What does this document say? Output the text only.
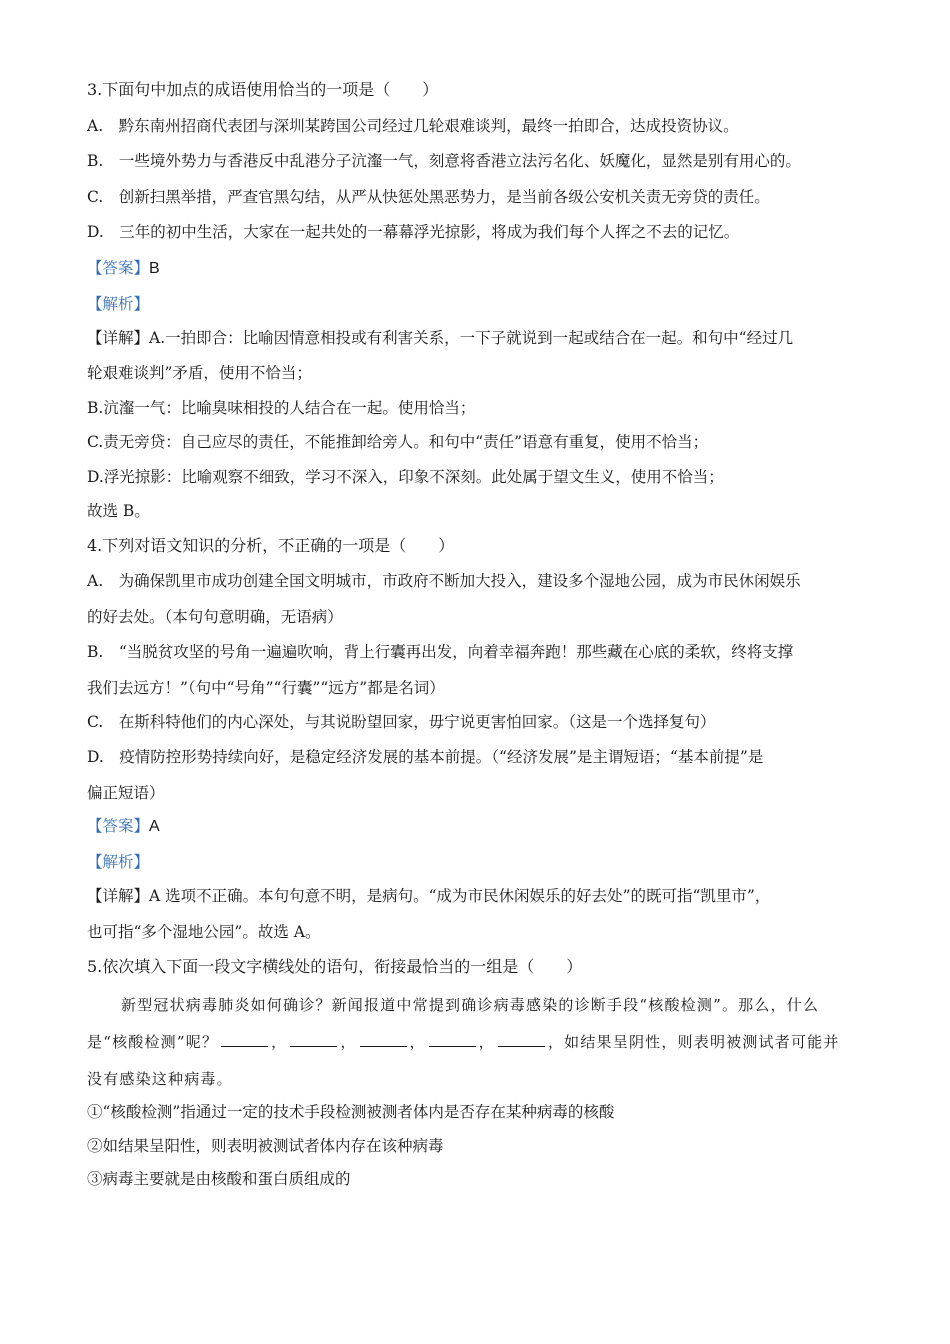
3.下面句中加点的成语使用恰当的一项是（　　）
A.　黔东南州招商代表团与深圳某跨国公司经过几轮艰难谈判，最终一拍即合，达成投资协议。
B.　一些境外势力与香港反中乱港分子沆瀣一气，刻意将香港立法污名化、妖魔化，显然是别有用心的。
C.　创新扫黑举措，严查官黑勾结，从严从快惩处黑恶势力，是当前各级公安机关责无旁贷的责任。
D.　三年的初中生活，大家在一起共处的一幕幕浮光掠影，将成为我们每个人挥之不去的记忆。
【答案】B
【解析】
【详解】A.一拍即合：比喻因情意相投或有利害关系，一下子就说到一起或结合在一起。和句中“经过几
轮艰难谈判”矛盾，使用不恰当；
B.沆瀣一气：比喻臭味相投的人结合在一起。使用恰当；
C.责无旁贷：自己应尽的责任，不能推卸给旁人。和句中“责任”语意有重复，使用不恰当；
D.浮光掠影：比喻观察不细致，学习不深入，印象不深刻。此处属于望文生义，使用不恰当；
故选 B。
4.下列对语文知识的分析，不正确的一项是（　　）
A.　为确保凯里市成功创建全国文明城市，市政府不断加大投入，建设多个湿地公园，成为市民休闲娱乐
的好去处。（本句句意明确，无语病）
B.　“当脱贫攻坚的号角一遍遍吹响，背上行囊再出发，向着幸福奔跑！那些藏在心底的柔软，终将支撑
我们去远方！”（句中“号角”“行囊”“远方”都是名词）
C.　在斯科特他们的内心深处，与其说盼望回家，毋宁说更害怕回家。（这是一个选择复句）
D.　疫情防控形势持续向好，是稳定经济发展的基本前提。（“经济发展”是主谓短语；“基本前提”是
偏正短语）
【答案】A
【解析】
【详解】A 选项不正确。本句句意不明，是病句。“成为市民休闲娱乐的好去处”的既可指“凯里市”，
也可指“多个湿地公园”。故选 A。
5.依次填入下面一段文字横线处的语句，衔接最恰当的一组是（　　）
新型冠状病毒肺炎如何确诊？新闻报道中常提到确诊病毒感染的诊断手段“核酸检测”。那么，什么
是“核酸检测”呢？	，	，	，	，	，如结果呈阴性，则表明被测试者可能并
没有感染这种病毒。
①“核酸检测”指通过一定的技术手段检测被测者体内是否存在某种病毒的核酸
②如结果呈阳性，则表明被测试者体内存在该种病毒
③病毒主要就是由核酸和蛋白质组成的
